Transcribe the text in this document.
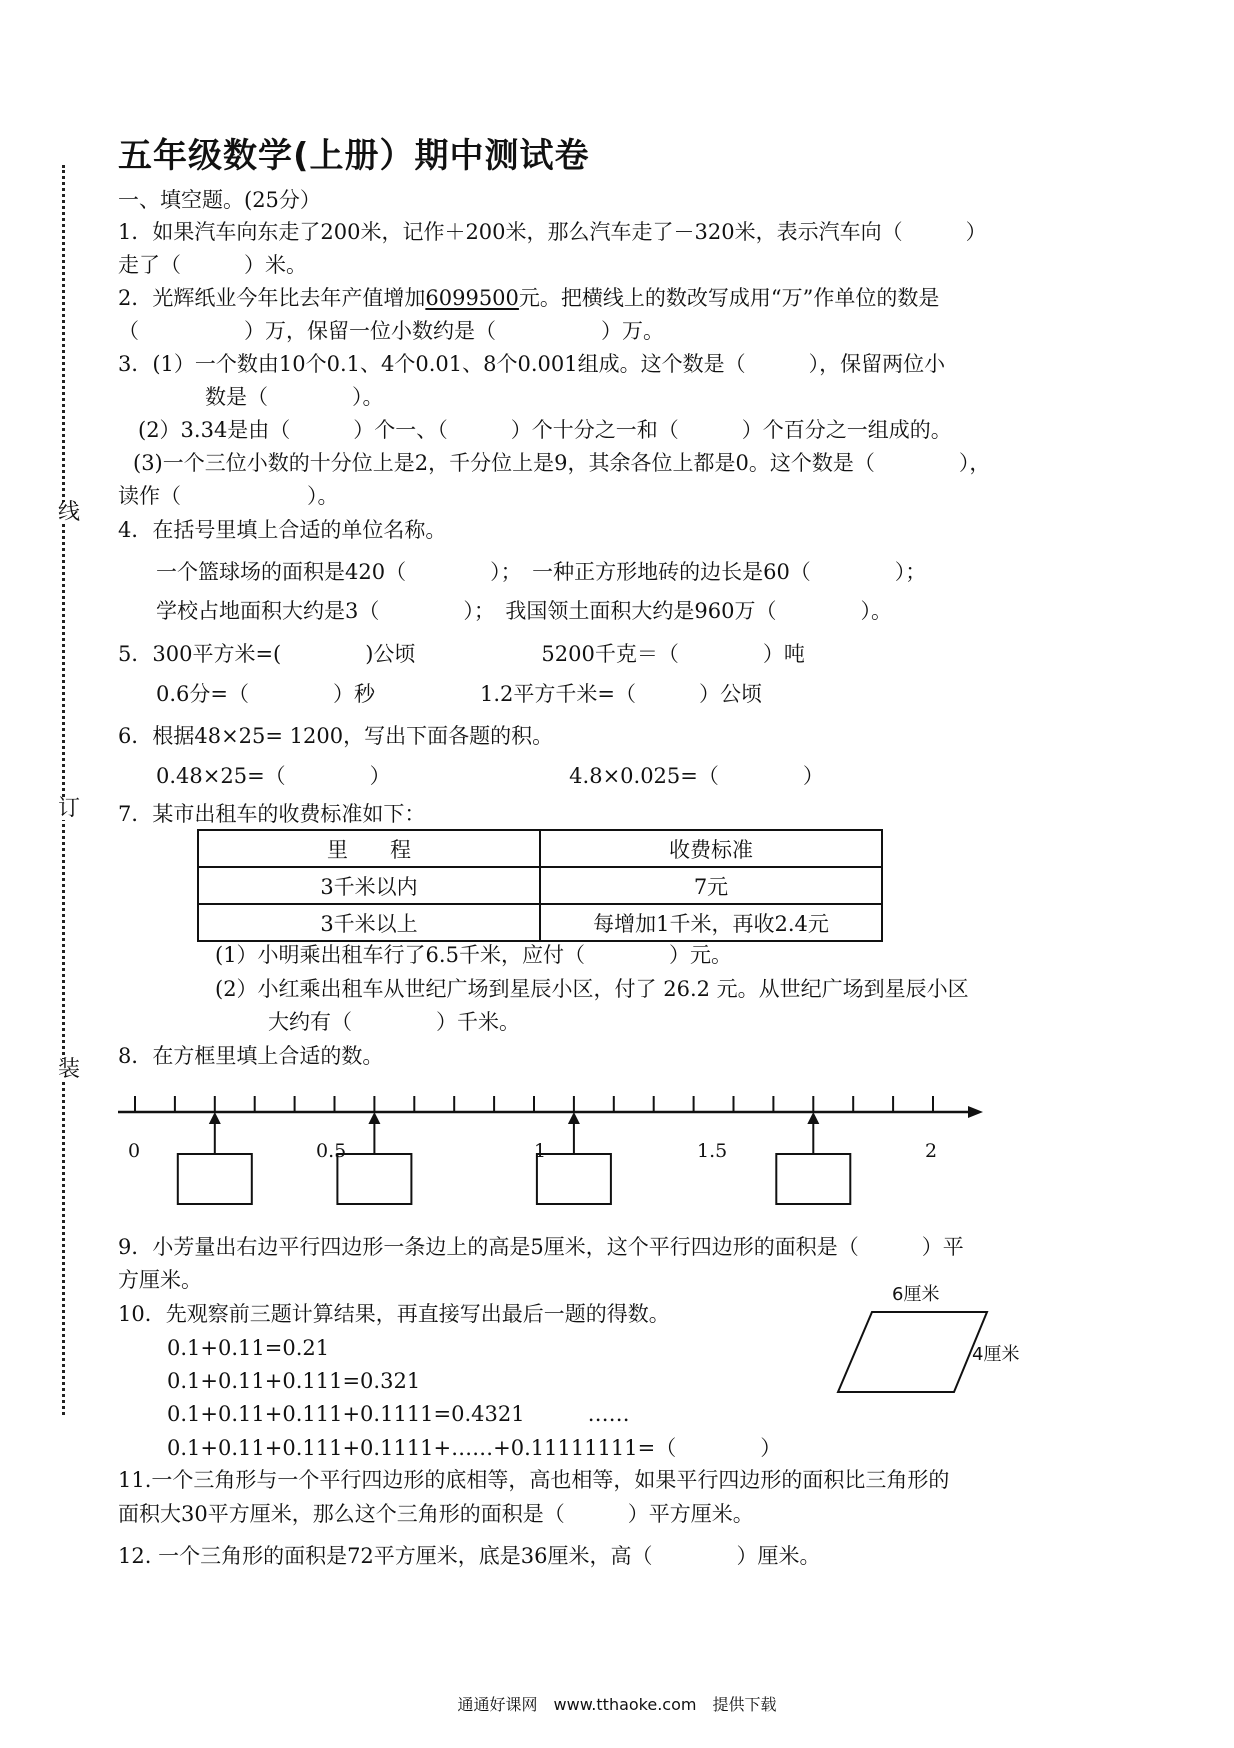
线
订
装
五年级数学(上册）期中测试卷
一、填空题。(25分）
1．如果汽车向东走了200米，记作＋200米，那么汽车走了－320米，表示汽车向（　　　）
走了（　　　）米。
2．光辉纸业今年比去年产值增加6099500元。把横线上的数改写成用“万”作单位的数是
（　　　　　）万，保留一位小数约是（　　　　　）万。
3．(1）一个数由10个0.1、4个0.01、8个0.001组成。这个数是（　　　），保留两位小
数是（　　　　）。
(2）3.34是由（　　　）个一、（　　　）个十分之一和（　　　）个百分之一组成的。
(3)一个三位小数的十分位上是2，千分位上是9，其余各位上都是0。这个数是（　　　　），
读作（　　　　　　）。
4．在括号里填上合适的单位名称。
一个篮球场的面积是420（　　　　）；　一种正方形地砖的边长是60（　　　　）；
学校占地面积大约是3（　　　　）；　我国领土面积大约是960万（　　　　）。
5．300平方米=(　　　　)公顷　　　　　　5200千克＝（　　　　）吨
0.6分=（　　　　）秒　　　　　1.2平方千米=（　　　）公顷
6．根据48×25= 1200，写出下面各题的积。
0.48×25=（　　　　）　　　　　　　　　4.8×0.025=（　　　　）
7．某市出租车的收费标准如下：
里　　程	收费标准
3千米以内	7元
3千米以上	每增加1千米，再收2.4元
(1）小明乘出租车行了6.5千米，应付（　　　　）元。
(2）小红乘出租车从世纪广场到星辰小区，付了 26.2 元。从世纪广场到星辰小区
大约有（　　　　）千米。
8．在方框里填上合适的数。
0	0.5	1	1.5	2
9．小芳量出右边平行四边形一条边上的高是5厘米，这个平行四边形的面积是（　　　）平
方厘米。
10．先观察前三题计算结果，再直接写出最后一题的得数。
0.1+0.11=0.21
0.1+0.11+0.111=0.321
0.1+0.11+0.111+0.1111=0.4321　　　……
0.1+0.11+0.111+0.1111+……+0.11111111=（　　　　）
6厘米
4厘米
11.一个三角形与一个平行四边形的底相等，高也相等，如果平行四边形的面积比三角形的
面积大30平方厘米，那么这个三角形的面积是（　　　）平方厘米。
12. 一个三角形的面积是72平方厘米，底是36厘米，高（　　　　）厘米。
通通好课网　www.tthaoke.com　提供下载
